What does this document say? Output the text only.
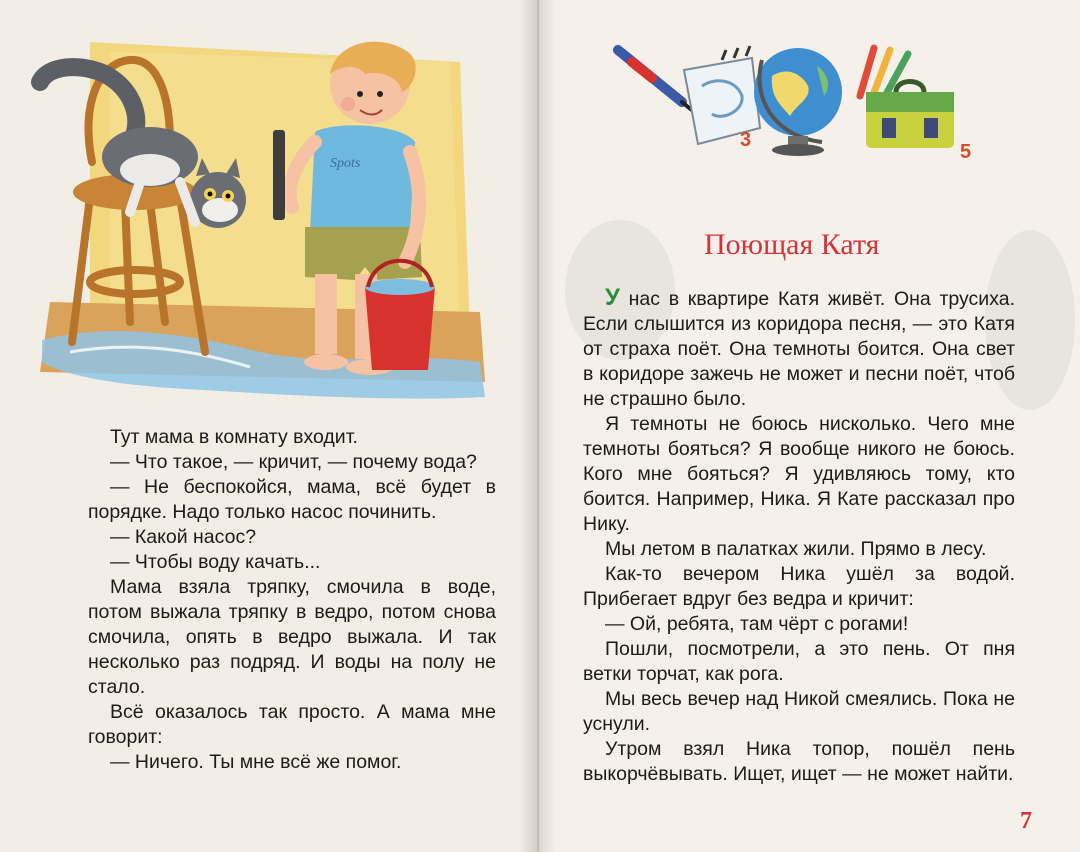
Spots
3
5

Тут мама в комнату входит.

— Что такое, — кричит, — почему вода?

— Не беспокойся, мама, всё будет в порядке. Надо только насос починить.

— Какой насос?

— Чтобы воду качать...

Мама взяла тряпку, смочила в воде, потом выжала тряпку в ведро, потом снова смочила, опять в ведро выжала. И так несколько раз подряд. И воды на полу не стало.

Всё оказалось так просто. А мама мне говорит:

— Ничего. Ты мне всё же помог.

Поющая Катя

У нас в квартире Катя живёт. Она трусиха. Если слышится из коридора песня, — это Катя от страха поёт. Она темноты боится. Она свет в коридоре зажечь не может и песни поёт, чтоб не страшно было.

Я темноты не боюсь нисколько. Чего мне темноты бояться? Я вообще никого не боюсь. Кого мне бояться? Я удивляюсь тому, кто боится. Например, Ника. Я Кате рассказал про Нику.

Мы летом в палатках жили. Прямо в лесу.

Как-то вечером Ника ушёл за водой. Прибегает вдруг без ведра и кричит:

— Ой, ребята, там чёрт с рогами!

Пошли, посмотрели, а это пень. От пня ветки торчат, как рога.

Мы весь вечер над Никой смеялись. Пока не уснули.

Утром взял Ника топор, пошёл пень выкорчёвывать. Ищет, ищет — не может найти.

7
